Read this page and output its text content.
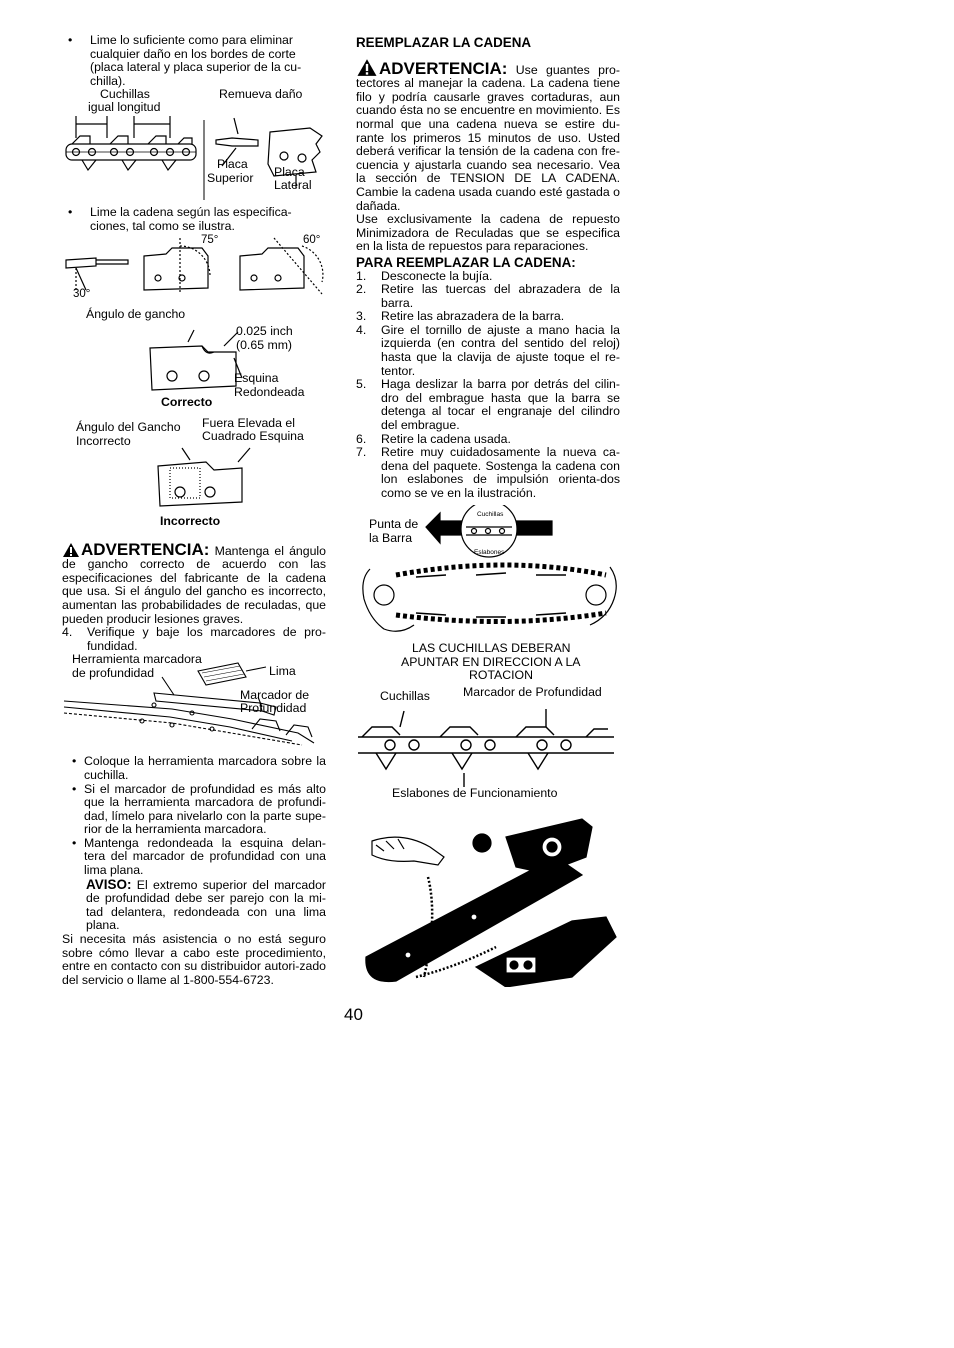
•	Lime lo suficiente como para eliminar cualquier daño en los bordes de corte (placa lateral y placa superior de la cu-chilla).
Cuchillas
igual longitud
Remueva daño
Placa
Superior Placa
Lateral
•	Lime la cadena según las especifica-ciones, tal como se ilustra.
75°	60°
30°
Ángulo de gancho
0.025 inch
(0.65 mm)
Esquina
Redondeada
Correcto
Ángulo del Gancho
Incorrecto
Fuera Elevada el
Cuadrado Esquina
Incorrecto
ADVERTENCIA: Mantenga el ángulo de gancho correcto de acuerdo con las especificaciones del fabricante de la cadena que usa. Si el ángulo del gancho es incorrecto, aumentan las probabilidades de reculadas, que pueden producir lesiones graves.
4. Verifique y baje los marcadores de pro-fundidad.
Herramienta marcadora
de profundidad	Lima
Marcador de
Profundidad
• Coloque la herramienta marcadora sobre la cuchilla.
• Si el marcador de profundidad es más alto que la herramienta marcadora de profundi-dad, límelo para nivelarlo con la parte supe-rior de la herramienta marcadora.
• Mantenga redondeada la esquina delan-tera del marcador de profundidad con una lima plana.
AVISO: El extremo superior del marcador de profundidad debe ser parejo con la mi-tad delantera, redondeada con una lima plana.
Si necesita más asistencia o no está seguro sobre cómo llevar a cabo este procedimiento, entre en contacto con su distribuidor autori-zado del servicio o llame al 1-800-554-6723.
REEMPLAZAR LA CADENA
ADVERTENCIA: Use guantes pro-tectores al manejar la cadena. La cadena tiene filo y podría causarle graves cortaduras, aun cuando ésta no se encuentre en movimiento. Es normal que una cadena nueva se estire du-rante los primeros 15 minutos de uso. Usted deberá verificar la tensión de la cadena con fre-cuencia y ajustarla cuando sea necesario. Vea la sección de TENSION DE LA CADENA. Cambie la cadena usada cuando esté gastada o dañada.
Use exclusivamente la cadena de repuesto Minimizadora de Reculadas que se especifica en la lista de repuestos para reparaciones.
PARA REEMPLAZAR LA CADENA:
1. Desconecte la bujía.
2. Retire las tuercas del abrazadera de la barra.
3. Retire las abrazadera de la barra.
4. Gire el tornillo de ajuste a mano hacia la izquierda (en contra del sentido del reloj) hasta que la clavija de ajuste toque el re-tentor.
5. Haga deslizar la barra por detrás del cilin-dro del embrague hasta que la barra se detenga al tocar el engranaje del cilindro del embrague.
6. Retire la cadena usada.
7. Retire muy cuidadosamente la nueva ca-dena del paquete. Sostenga la cadena con lon eslabones de impulsión orienta-dos como se ve en la ilustración.
Punta de
la Barra
Cuchillas
Eslabones
LAS CUCHILLAS DEBERAN
APUNTAR EN DIRECCION A LA
ROTACION
Cuchillas	Marcador de Profundidad
Eslabones de Funcionamiento
40
